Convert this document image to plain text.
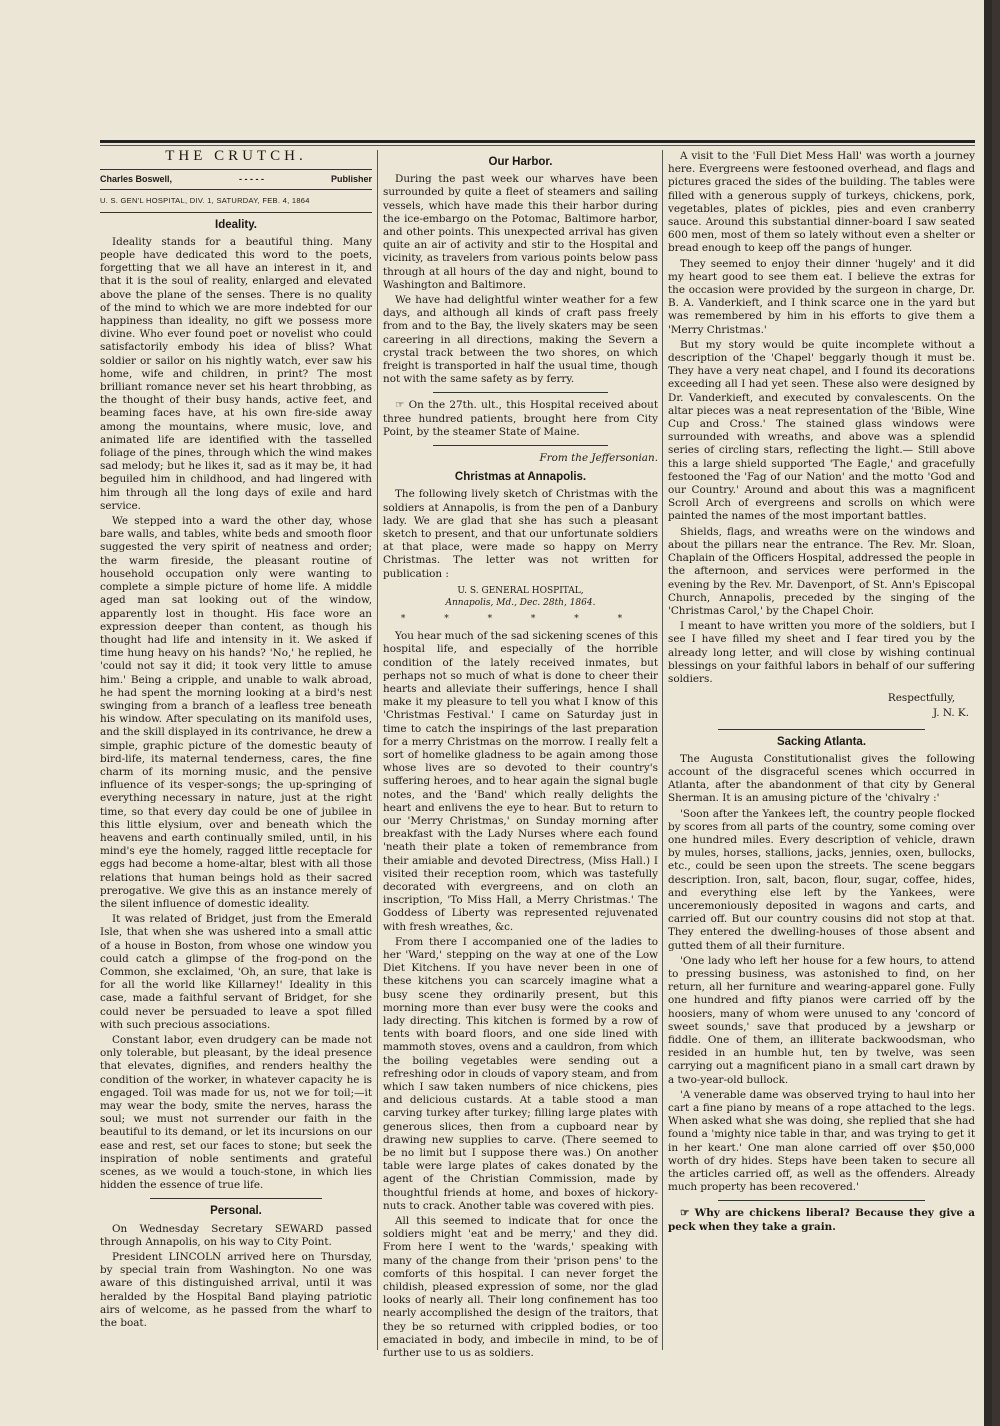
THE CRUTCH.
Charles Boswell,	- - - - -	Publisher
U. S. GEN'L HOSPITAL, DIV. 1, SATURDAY, FEB. 4, 1864
Ideality.

Ideality stands for a beautiful thing. Many people have dedicated this word to the poets, forgetting that we all have an interest in it, and that it is the soul of reality, enlarged and elevated above the plane of the senses. There is no quality of the mind to which we are more indebted for our happiness than ideality, no gift we possess more divine. Who ever found poet or novelist who could satisfactorily embody his idea of bliss? What soldier or sailor on his nightly watch, ever saw his home, wife and children, in print? The most brilliant romance never set his heart throbbing, as the thought of their busy hands, active feet, and beaming faces have, at his own fire-side away among the mountains, where music, love, and animated life are identified with the tasselled foliage of the pines, through which the wind makes sad melody; but he likes it, sad as it may be, it had beguiled him in childhood, and had lingered with him through all the long days of exile and hard service.

We stepped into a ward the other day, whose bare walls, and tables, white beds and smooth floor suggested the very spirit of neatness and order; the warm fireside, the pleasant routine of household occupation only were wanting to complete a simple picture of home life. A middle aged man sat looking out of the window, apparently lost in thought. His face wore an expression deeper than content, as though his thought had life and intensity in it. We asked if time hung heavy on his hands? 'No,' he replied, he 'could not say it did; it took very little to amuse him.' Being a cripple, and unable to walk abroad, he had spent the morning looking at a bird's nest swinging from a branch of a leafless tree beneath his window. After speculating on its manifold uses, and the skill displayed in its contrivance, he drew a simple, graphic picture of the domestic beauty of bird-life, its maternal tenderness, cares, the fine charm of its morning music, and the pensive influence of its vesper-songs; the up-springing of everything necessary in nature, just at the right time, so that every day could be one of jubilee in this little elysium, over and beneath which the heavens and earth continually smiled, until, in his mind's eye the homely, ragged little receptacle for eggs had become a home-altar, blest with all those relations that human beings hold as their sacred prerogative. We give this as an instance merely of the silent influence of domestic ideality.

It was related of Bridget, just from the Emerald Isle, that when she was ushered into a small attic of a house in Boston, from whose one window you could catch a glimpse of the frog-pond on the Common, she exclaimed, 'Oh, an sure, that lake is for all the world like Killarney!' Ideality in this case, made a faithful servant of Bridget, for she could never be persuaded to leave a spot filled with such precious associations.

Constant labor, even drudgery can be made not only tolerable, but pleasant, by the ideal presence that elevates, dignifies, and renders healthy the condition of the worker, in whatever capacity he is engaged. Toil was made for us, not we for toil;—it may wear the body, smite the nerves, harass the soul; we must not surrender our faith in the beautiful to its demand, or let its incursions on our ease and rest, set our faces to stone; but seek the inspiration of noble sentiments and grateful scenes, as we would a touch-stone, in which lies hidden the essence of true life.

Personal.

On Wednesday Secretary SEWARD passed through Annapolis, on his way to City Point.

President LINCOLN arrived here on Thursday, by special train from Washington. No one was aware of this distinguished arrival, until it was heralded by the Hospital Band playing patriotic airs of welcome, as he passed from the wharf to the boat.

Our Harbor.

During the past week our wharves have been surrounded by quite a fleet of steamers and sailing vessels, which have made this their harbor during the ice-embargo on the Potomac, Baltimore harbor, and other points. This unexpected arrival has given quite an air of activity and stir to the Hospital and vicinity, as travelers from various points below pass through at all hours of the day and night, bound to Washington and Baltimore.

We have had delightful winter weather for a few days, and although all kinds of craft pass freely from and to the Bay, the lively skaters may be seen careering in all directions, making the Severn a crystal track between the two shores, on which freight is transported in half the usual time, though not with the same safety as by ferry.

☞ On the 27th. ult., this Hospital received about three hundred patients, brought here from City Point, by the steamer State of Maine.

From the Jeffersonian.

Christmas at Annapolis.

The following lively sketch of Christmas with the soldiers at Annapolis, is from the pen of a Danbury lady. We are glad that she has such a pleasant sketch to present, and that our unfortunate soldiers at that place, were made so happy on Merry Christmas. The letter was not written for publication :

U. S. GENERAL HOSPITAL,
Annapolis, Md., Dec. 28th, 1864.

* * * * * *

You hear much of the sad sickening scenes of this hospital life, and especially of the horrible condition of the lately received inmates, but perhaps not so much of what is done to cheer their hearts and alleviate their sufferings, hence I shall make it my pleasure to tell you what I know of this 'Christmas Festival.' I came on Saturday just in time to catch the inspirings of the last preparation for a merry Christmas on the morrow. I really felt a sort of homelike gladness to be again among those whose lives are so devoted to their country's suffering heroes, and to hear again the signal bugle notes, and the 'Band' which really delights the heart and enlivens the eye to hear. But to return to our 'Merry Christmas,' on Sunday morning after breakfast with the Lady Nurses where each found 'neath their plate a token of remembrance from their amiable and devoted Directress, (Miss Hall.) I visited their reception room, which was tastefully decorated with evergreens, and on cloth an inscription, 'To Miss Hall, a Merry Christmas.' The Goddess of Liberty was represented rejuvenated with fresh wreathes, &c.

From there I accompanied one of the ladies to her 'Ward,' stepping on the way at one of the Low Diet Kitchens. If you have never been in one of these kitchens you can scarcely imagine what a busy scene they ordinarily present, but this morning more than ever busy were the cooks and lady directing. This kitchen is formed by a row of tents with board floors, and one side lined with mammoth stoves, ovens and a cauldron, from which the boiling vegetables were sending out a refreshing odor in clouds of vapory steam, and from which I saw taken numbers of nice chickens, pies and delicious custards. At a table stood a man carving turkey after turkey; filling large plates with generous slices, then from a cupboard near by drawing new supplies to carve. (There seemed to be no limit but I suppose there was.) On another table were large plates of cakes donated by the agent of the Christian Commission, made by thoughtful friends at home, and boxes of hickory-nuts to crack. Another table was covered with pies.

All this seemed to indicate that for once the soldiers might 'eat and be merry,' and they did. From here I went to the 'wards,' speaking with many of the change from their 'prison pens' to the comforts of this hospital. I can never forget the childish, pleased expression of some, nor the glad looks of nearly all. Their long confinement has too nearly accomplished the design of the traitors, that they be so returned with crippled bodies, or too emaciated in body, and imbecile in mind, to be of further use to us as soldiers.

A visit to the 'Full Diet Mess Hall' was worth a journey here. Evergreens were festooned overhead, and flags and pictures graced the sides of the building. The tables were filled with a generous supply of turkeys, chickens, pork, vegetables, plates of pickles, pies and even cranberry sauce. Around this substantial dinner-board I saw seated 600 men, most of them so lately without even a shelter or bread enough to keep off the pangs of hunger.

They seemed to enjoy their dinner 'hugely' and it did my heart good to see them eat. I believe the extras for the occasion were provided by the surgeon in charge, Dr. B. A. Vanderkieft, and I think scarce one in the yard but was remembered by him in his efforts to give them a 'Merry Christmas.'

But my story would be quite incomplete without a description of the 'Chapel' beggarly though it must be. They have a very neat chapel, and I found its decorations exceeding all I had yet seen. These also were designed by Dr. Vanderkieft, and executed by convalescents. On the altar pieces was a neat representation of the 'Bible, Wine Cup and Cross.' The stained glass windows were surrounded with wreaths, and above was a splendid series of circling stars, reflecting the light.— Still above this a large shield supported 'The Eagle,' and gracefully festooned the 'Fag of our Nation' and the motto 'God and our Country.' Around and about this was a magnificent Scroll Arch of evergreens and scrolls on which were painted the names of the most important battles.

Shields, flags, and wreaths were on the windows and about the pillars near the entrance. The Rev. Mr. Sloan, Chaplain of the Officers Hospital, addressed the people in the afternoon, and services were performed in the evening by the Rev. Mr. Davenport, of St. Ann's Episcopal Church, Annapolis, preceded by the singing of the 'Christmas Carol,' by the Chapel Choir.

I meant to have written you more of the soldiers, but I see I have filled my sheet and I fear tired you by the already long letter, and will close by wishing continual blessings on your faithful labors in behalf of our suffering soldiers.

Respectfully,

J. N. K.

Sacking Atlanta.

The Augusta Constitutionalist gives the following account of the disgraceful scenes which occurred in Atlanta, after the abandonment of that city by General Sherman. It is an amusing picture of the 'chivalry :'

'Soon after the Yankees left, the country people flocked by scores from all parts of the country, some coming over one hundred miles. Every description of vehicle, drawn by mules, horses, stallions, jacks, jennies, oxen, bullocks, etc., could be seen upon the streets. The scene beggars description. Iron, salt, bacon, flour, sugar, coffee, hides, and everything else left by the Yankees, were unceremoniously deposited in wagons and carts, and carried off. But our country cousins did not stop at that. They entered the dwelling-houses of those absent and gutted them of all their furniture.

'One lady who left her house for a few hours, to attend to pressing business, was astonished to find, on her return, all her furniture and wearing-apparel gone. Fully one hundred and fifty pianos were carried off by the hoosiers, many of whom were unused to any 'concord of sweet sounds,' save that produced by a jewsharp or fiddle. One of them, an illiterate backwoodsman, who resided in an humble hut, ten by twelve, was seen carrying out a magnificent piano in a small cart drawn by a two-year-old bullock.

'A venerable dame was observed trying to haul into her cart a fine piano by means of a rope attached to the legs. When asked what she was doing, she replied that she had found a 'mighty nice table in thar, and was trying to get it in her keart.' One man alone carried off over $50,000 worth of dry hides. Steps have been taken to secure all the articles carried off, as well as the offenders. Already much property has been recovered.'

☞ Why are chickens liberal? Because they give a peck when they take a grain.
